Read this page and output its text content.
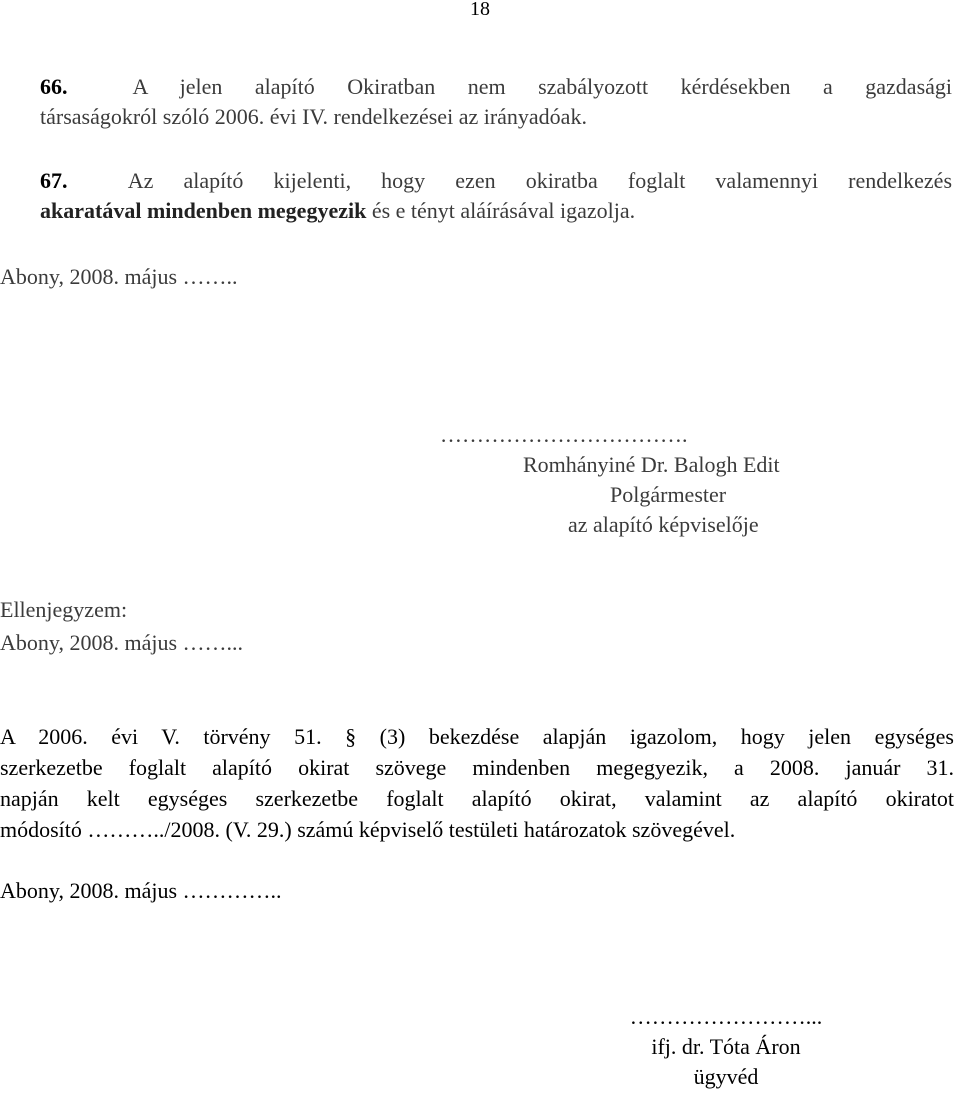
18
66.	A jelen alapító Okiratban nem szabályozott kérdésekben a gazdasági
társaságokról szóló 2006. évi IV. rendelkezései az irányadóak.
67.	Az alapító kijelenti, hogy ezen okiratba foglalt valamennyi rendelkezés
akaratával mindenben megegyezik és e tényt aláírásával igazolja.
Abony, 2008. május ……..
…………………………….
Romhányiné Dr. Balogh Edit
Polgármester
az alapító képviselője
Ellenjegyzem:
Abony, 2008. május ……...
A 2006. évi V. törvény 51. § (3) bekezdése alapján igazolom, hogy jelen egységes
szerkezetbe foglalt alapító okirat szövege mindenben megegyezik, a 2008. január 31.
napján kelt egységes szerkezetbe foglalt alapító okirat, valamint az alapító okiratot
módosító ………../2008. (V. 29.) számú képviselő testületi határozatok szövegével.
Abony, 2008. május …………..
……………………...
ifj. dr. Tóta Áron
ügyvéd
